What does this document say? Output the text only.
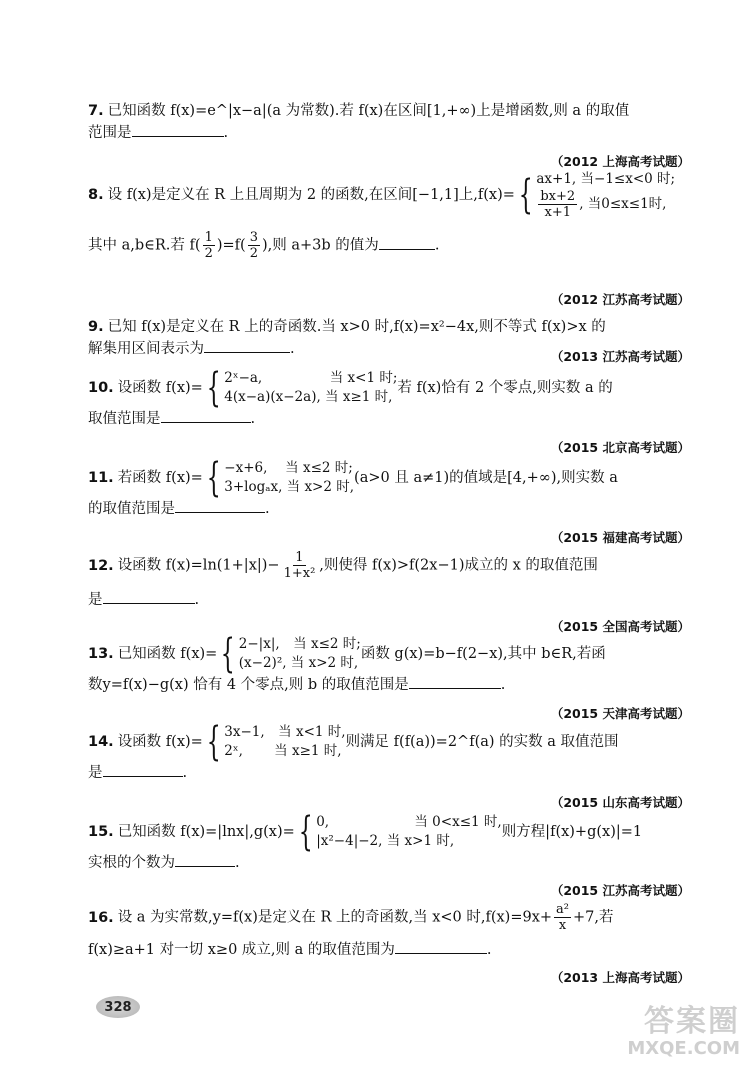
7. 已知函数 f(x)=e^|x−a|(a 为常数).若 f(x)在区间[1,+∞)上是增函数,则 a 的取值
范围是	.
（2012 上海高考试题）
8. 设 f(x)是定义在 R 上且周期为 2 的函数,在区间[−1,1]上,f(x)= { ax+1, 当−1≤x<0 时;
$\frac{bx+2}{x+1}$ , 当0≤x≤1时,
其中 a,b∈R.若 $f( \frac{1}{2} )=f( \frac{3}{2}$ ),则 a+3b 的值为	.
（2012 江苏高考试题）
9. 已知 f(x)是定义在 R 上的奇函数.当 x>0 时,f(x)=x²−4x,则不等式 f(x)>x 的
解集用区间表示为	.	（2013 江苏高考试题）
10. 设函数 f(x)= { 2ˣ−a,　　　　　当 x<1 时;
4(x−a)(x−2a), 当 x≥1 时,
若 f(x)恰有 2 个零点,则实数 a 的
取值范围是	.
（2015 北京高考试题）
11. 若函数 f(x)= { −x+6,　 当 x≤2 时;
3+logₐx, 当 x>2 时,
(a>0 且 a≠1)的值域是[4,+∞),则实数 a
的取值范围是	.
（2015 福建高考试题）
12. 设函数 $f(x)=\ln(1+|x|)- \frac{1}{\text{1+x²}}$ ,则使得 f(x)>f(2x−1)成立的 x 的取值范围
是	.
（2015 全国高考试题）
13. 已知函数 f(x)= { 2−|x|,　当 x≤2 时;
(x−2)², 当 x>2 时,
函数 g(x)=b−f(2−x),其中 b∈R,若函
数y=f(x)−g(x) 恰有 4 个零点,则 b 的取值范围是	.
（2015 天津高考试题）
14. 设函数 f(x)= { 3x−1,　当 x<1 时,
2ˣ,　　 当 x≥1 时,
则满足 f(f(a))=2^f(a) 的实数 a 取值范围
是	.
（2015 山东高考试题）
15. 已知函数 f(x)=|lnx|,g(x)= { 0,　　　　　　 当 0<x≤1 时,
|x²−4|−2, 当 x>1 时,
则方程|f(x)+g(x)|=1
实根的个数为	.
（2015 江苏高考试题）
16. 设 a 为实常数,y=f(x)是定义在 R 上的奇函数,当 x<0 时$,f(x)=9x+ \frac{\text{a²}}{x} +7$,若
f(x)≥a+1 对一切 x≥0 成立,则 a 的取值范围为	.
（2013 上海高考试题）
328	答案圈
MXQE.COM
